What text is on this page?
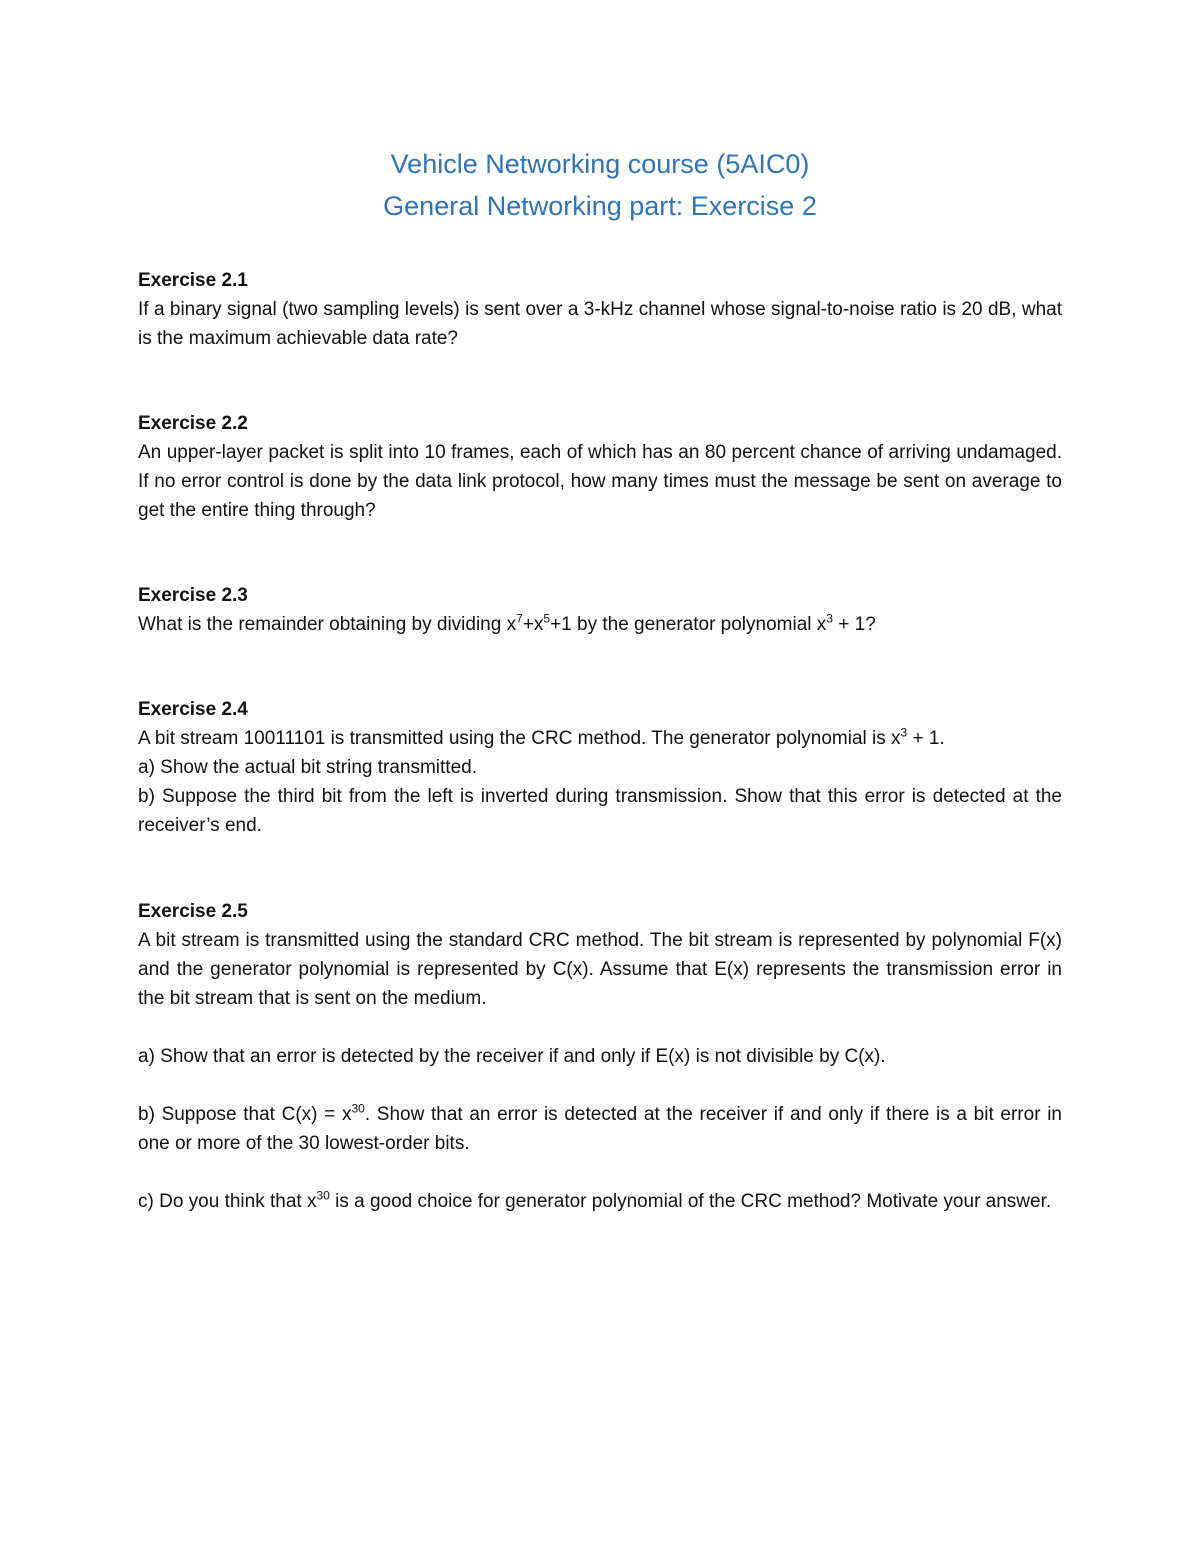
Vehicle Networking course (5AIC0)
General Networking part: Exercise 2
Exercise 2.1
If a binary signal (two sampling levels) is sent over a 3-kHz channel whose signal-to-noise ratio is 20 dB, what is the maximum achievable data rate?
Exercise 2.2
An upper-layer packet is split into 10 frames, each of which has an 80 percent chance of arriving undamaged. If no error control is done by the data link protocol, how many times must the message be sent on average to get the entire thing through?
Exercise 2.3
What is the remainder obtaining by dividing $x^7+x^5+1$ by the generator polynomial $x^3 + 1$?
Exercise 2.4
A bit stream 10011101 is transmitted using the CRC method. The generator polynomial is $x^3 + 1$.
a) Show the actual bit string transmitted.
b) Suppose the third bit from the left is inverted during transmission. Show that this error is detected at the receiver’s end.
Exercise 2.5
A bit stream is transmitted using the standard CRC method. The bit stream is represented by polynomial F(x) and the generator polynomial is represented by C(x). Assume that E(x) represents the transmission error in the bit stream that is sent on the medium.
a) Show that an error is detected by the receiver if and only if E(x) is not divisible by C(x).
b) Suppose that $C(x) = x^{30}$. Show that an error is detected at the receiver if and only if there is a bit error in one or more of the 30 lowest-order bits.
c) Do you think that $x^{30}$ is a good choice for generator polynomial of the CRC method? Motivate your answer.
